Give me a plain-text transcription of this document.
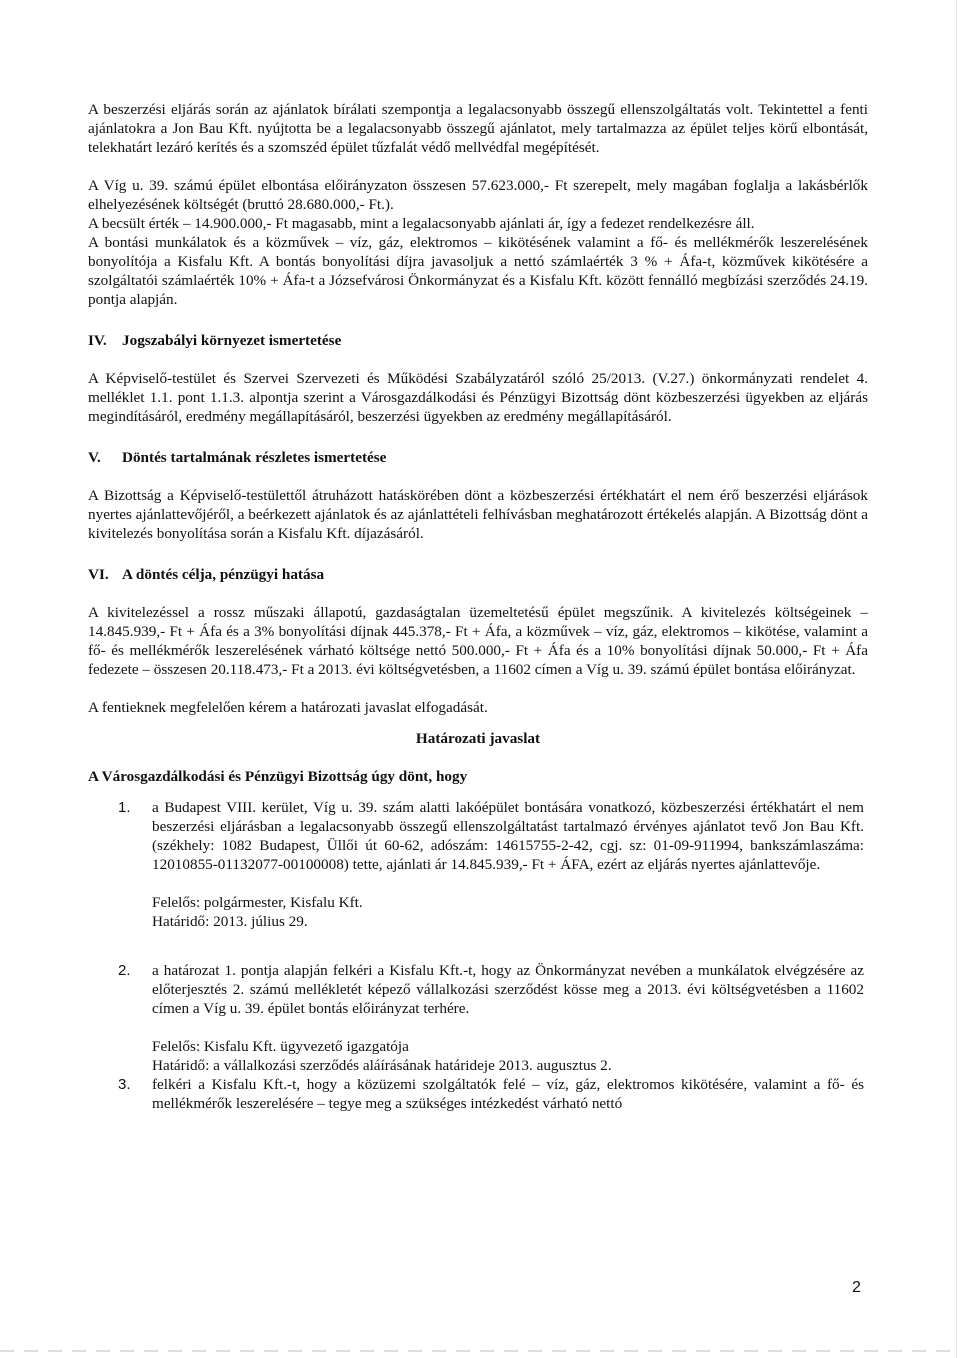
A beszerzési eljárás során az ajánlatok bírálati szempontja a legalacsonyabb összegű ellenszolgáltatás volt. Tekintettel a fenti ajánlatokra a Jon Bau Kft. nyújtotta be a legalacsonyabb összegű ajánlatot, mely tartalmazza az épület teljes körű elbontását, telekhatárt lezáró kerítés és a szomszéd épület tűzfalát védő mellvédfal megépítését.

A Víg u. 39. számú épület elbontása előirányzaton összesen 57.623.000,- Ft szerepelt, mely magában foglalja a lakásbérlők elhelyezésének költségét (bruttó 28.680.000,- Ft.).

A becsült érték – 14.900.000,- Ft magasabb, mint a legalacsonyabb ajánlati ár, így a fedezet rendelkezésre áll.

A bontási munkálatok és a közművek – víz, gáz, elektromos – kikötésének valamint a fő- és mellékmérők leszerelésének bonyolítója a Kisfalu Kft. A bontás bonyolítási díjra javasoljuk a nettó számlaérték 3 % + Áfa-t, közművek kikötésére a szolgáltatói számlaérték 10% + Áfa-t a Józsefvárosi Önkormányzat és a Kisfalu Kft. között fennálló megbízási szerződés 24.19. pontja alapján.

IV.	Jogszabályi környezet ismertetése

A Képviselő-testület és Szervei Szervezeti és Működési Szabályzatáról szóló 25/2013. (V.27.) önkormányzati rendelet 4. melléklet 1.1. pont 1.1.3. alpontja szerint a Városgazdálkodási és Pénzügyi Bizottság dönt közbeszerzési ügyekben az eljárás megindításáról, eredmény megállapításáról, beszerzési ügyekben az eredmény megállapításáról.

V.	Döntés tartalmának részletes ismertetése

A Bizottság a Képviselő-testülettől átruházott hatáskörében dönt a közbeszerzési értékhatárt el nem érő beszerzési eljárások nyertes ajánlattevőjéről, a beérkezett ajánlatok és az ajánlattételi felhívásban meghatározott értékelés alapján. A Bizottság dönt a kivitelezés bonyolítása során a Kisfalu Kft. díjazásáról.

VI. A döntés célja, pénzügyi hatása

A kivitelezéssel a rossz műszaki állapotú, gazdaságtalan üzemeltetésű épület megszűnik. A kivitelezés költségeinek – 14.845.939,- Ft + Áfa és a 3% bonyolítási díjnak 445.378,- Ft + Áfa, a közművek – víz, gáz, elektromos – kikötése, valamint a fő- és mellékmérők leszerelésének várható költsége nettó 500.000,- Ft + Áfa és a 10% bonyolítási díjnak 50.000,- Ft + Áfa fedezete – összesen 20.118.473,- Ft a 2013. évi költségvetésben, a 11602 címen a Víg u. 39. számú épület bontása előirányzat.

A fentieknek megfelelően kérem a határozati javaslat elfogadását.

Határozati javaslat

A Városgazdálkodási és Pénzügyi Bizottság úgy dönt, hogy

1.	a Budapest VIII. kerület, Víg u. 39. szám alatti lakóépület bontására vonatkozó, közbeszerzési értékhatárt el nem beszerzési eljárásban a legalacsonyabb összegű ellenszolgáltatást tartalmazó érvényes ajánlatot tevő Jon Bau Kft. (székhely: 1082 Budapest, Üllői út 60-62, adószám: 14615755-2-42, cgj. sz: 01-09-911994, bankszámlaszáma: 12010855-01132077-00100008) tette, ajánlati ár 14.845.939,- Ft + ÁFA, ezért az eljárás nyertes ajánlattevője.

Felelős: polgármester, Kisfalu Kft.

Határidő: 2013. július 29.

2.	a határozat 1. pontja alapján felkéri a Kisfalu Kft.-t, hogy az Önkormányzat nevében a munkálatok elvégzésére az előterjesztés 2. számú mellékletét képező vállalkozási szerződést kösse meg a 2013. évi költségvetésben a 11602 címen a Víg u. 39. épület bontás előirányzat terhére.

Felelős: Kisfalu Kft. ügyvezető igazgatója

Határidő: a vállalkozási szerződés aláírásának határideje 2013. augusztus 2.

3.	felkéri a Kisfalu Kft.-t, hogy a közüzemi szolgáltatók felé – víz, gáz, elektromos kikötésére, valamint a fő- és mellékmérők leszerelésére – tegye meg a szükséges intézkedést várható nettó
2
